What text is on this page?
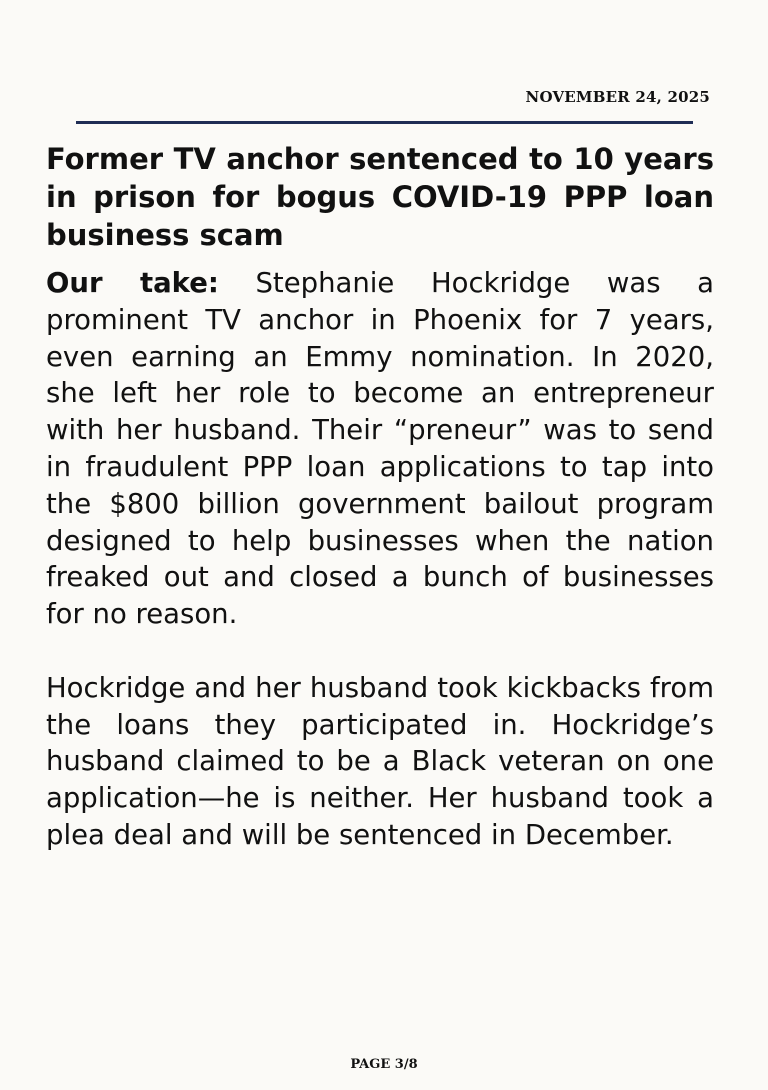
NOVEMBER 24, 2025
Former TV anchor sentenced to 10 years in prison for bogus COVID-19 PPP loan business scam

Our take: Stephanie Hockridge was a prominent TV anchor in Phoenix for 7 years, even earning an Emmy nomination. In 2020, she left her role to become an entrepreneur with her husband. Their “preneur” was to send in fraudulent PPP loan applications to tap into the $800 billion government bailout program designed to help businesses when the nation freaked out and closed a bunch of businesses for no reason.

Hockridge and her husband took kickbacks from the loans they participated in. Hockridge’s husband claimed to be a Black veteran on one application—he is neither. Her husband took a plea deal and will be sentenced in December.

PAGE 3/8
